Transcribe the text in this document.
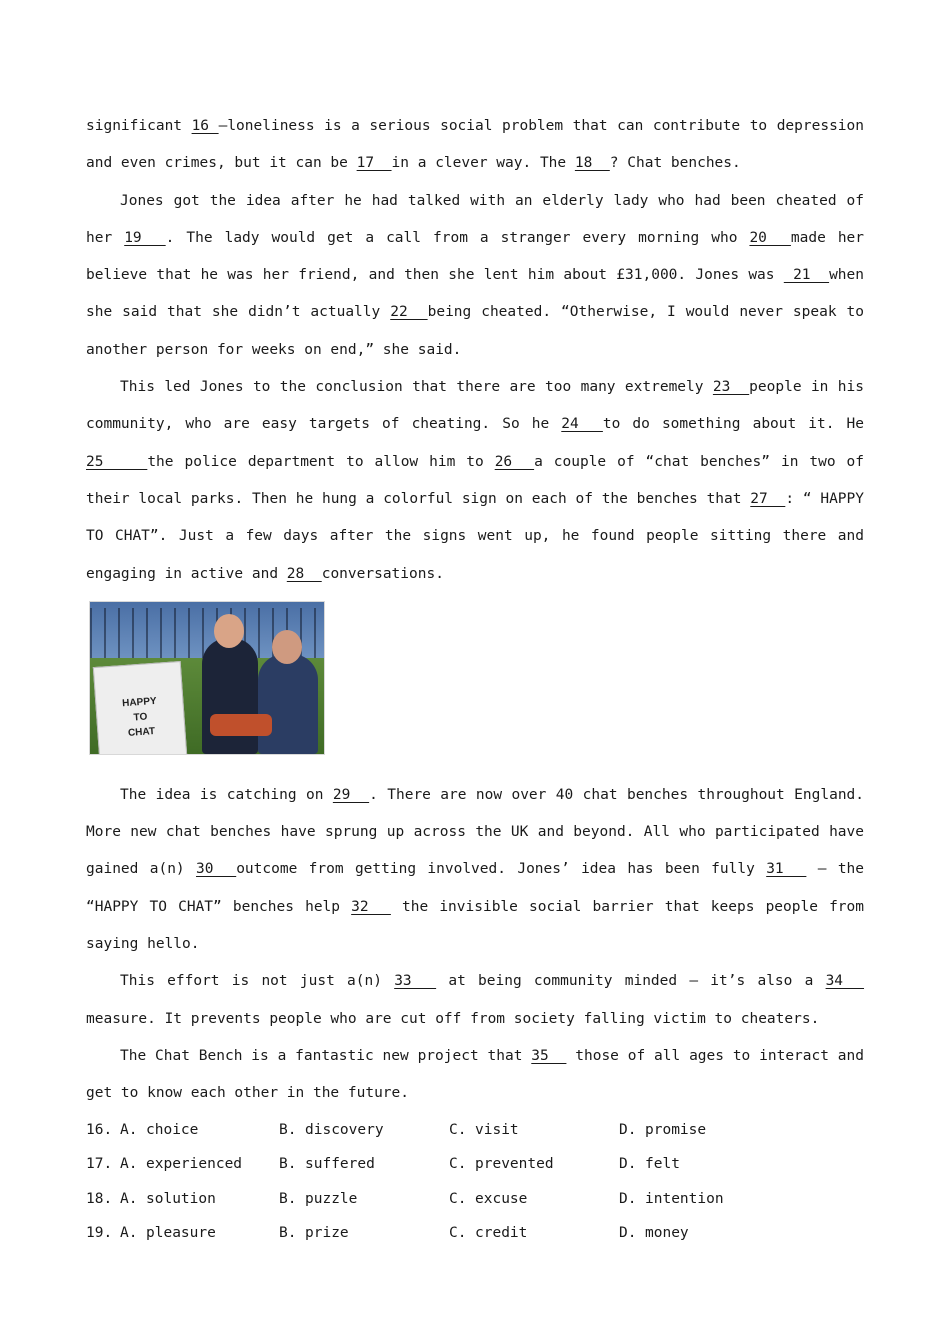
significant 16 —loneliness is a serious social problem that can contribute to depression and even crimes, but it can be 17  in a clever way. The 18  ? Chat benches.

Jones got the idea after he had talked with an elderly lady who had been cheated of her 19  . The lady would get a call from a stranger every morning who 20  made her believe that he was her friend, and then she lent him about £31,000. Jones was  21  when she said that she didn’t actually 22  being cheated. “Otherwise, I would never speak to another person for weeks on end,” she said.

This led Jones to the conclusion that there are too many extremely 23  people in his community, who are easy targets of cheating. So he 24  to do something about it. He 25    the police department to allow him to 26  a couple of “chat benches” in two of their local parks. Then he hung a colorful sign on each of the benches that 27  : “ HAPPY TO CHAT”. Just a few days after the signs went up, he found people sitting there and engaging in active and 28  conversations.

HAPPY
TO
CHAT

The idea is catching on 29  . There are now over 40 chat benches throughout England. More new chat benches have sprung up across the UK and beyond. All who participated have gained a(n) 30  outcome from getting involved. Jones’ idea has been fully 31   — the “HAPPY TO CHAT” benches help 32   the invisible social barrier that keeps people from saying hello.

This effort is not just a(n) 33   at being community minded — it’s also a 34   measure. It prevents people who are cut off from society falling victim to cheaters.

The Chat Bench is a fantastic new project that 35   those of all ages to interact and get to know each other in the future.

16. A. choice	B. discovery	C. visit	D. promise
17. A. experienced	B. suffered	C. prevented	D. felt
18. A. solution	B. puzzle	C. excuse	D. intention
19. A. pleasure	B. prize	C. credit	D. money
